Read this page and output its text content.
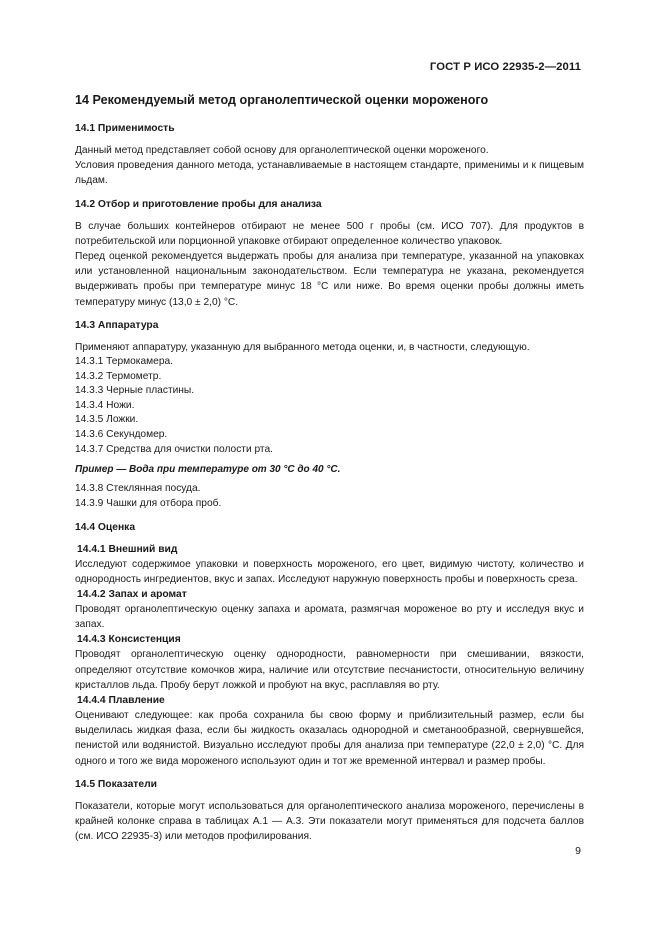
ГОСТ Р ИСО 22935-2—2011
14 Рекомендуемый метод органолептической оценки мороженого
14.1 Применимость

Данный метод представляет собой основу для органолептической оценки мороженого.

Условия проведения данного метода, устанавливаемые в настоящем стандарте, применимы и к пищевым льдам.

14.2 Отбор и приготовление пробы для анализа

В случае больших контейнеров отбирают не менее 500 г пробы (см. ИСО 707). Для продуктов в потребительской или порционной упаковке отбирают определенное количество упаковок.

Перед оценкой рекомендуется выдержать пробы для анализа при температуре, указанной на упаковках или установленной национальным законодательством. Если температура не указана, рекомендуется выдерживать пробы при температуре минус 18 °С или ниже. Во время оценки пробы должны иметь температуру минус (13,0 ± 2,0) °С.

14.3 Аппаратура

Применяют аппаратуру, указанную для выбранного метода оценки, и, в частности, следующую.

14.3.1 Термокамера.
14.3.2 Термометр.
14.3.3 Черные пластины.
14.3.4 Ножи.
14.3.5 Ложки.
14.3.6 Секундомер.
14.3.7 Средства для очистки полости рта.
Пример — Вода при температуре от 30 °С до 40 °С.
14.3.8 Стеклянная посуда.
14.3.9 Чашки для отбора проб.
14.4 Оценка
14.4.1 Внешний вид

Исследуют содержимое упаковки и поверхность мороженого, его цвет, видимую чистоту, количество и однородность ингредиентов, вкус и запах. Исследуют наружную поверхность пробы и поверхность среза.

14.4.2 Запах и аромат

Проводят органолептическую оценку запаха и аромата, размягчая мороженое во рту и исследуя вкус и запах.

14.4.3 Консистенция

Проводят органолептическую оценку однородности, равномерности при смешивании, вязкости, определяют отсутствие комочков жира, наличие или отсутствие песчанистости, относительную величину кристаллов льда. Пробу берут ложкой и пробуют на вкус, расплавляя во рту.

14.4.4 Плавление

Оценивают следующее: как проба сохранила бы свою форму и приблизительный размер, если бы выделилась жидкая фаза, если бы жидкость оказалась однородной и сметанообразной, свернувшейся, пенистой или водянистой. Визуально исследуют пробы для анализа при температуре (22,0 ± 2,0) °С. Для одного и того же вида мороженого используют один и тот же временной интервал и размер пробы.

14.5 Показатели

Показатели, которые могут использоваться для органолептического анализа мороженого, перечислены в крайней колонке справа в таблицах А.1 — А.3. Эти показатели могут применяться для подсчета баллов (см. ИСО 22935-3) или методов профилирования.

9
